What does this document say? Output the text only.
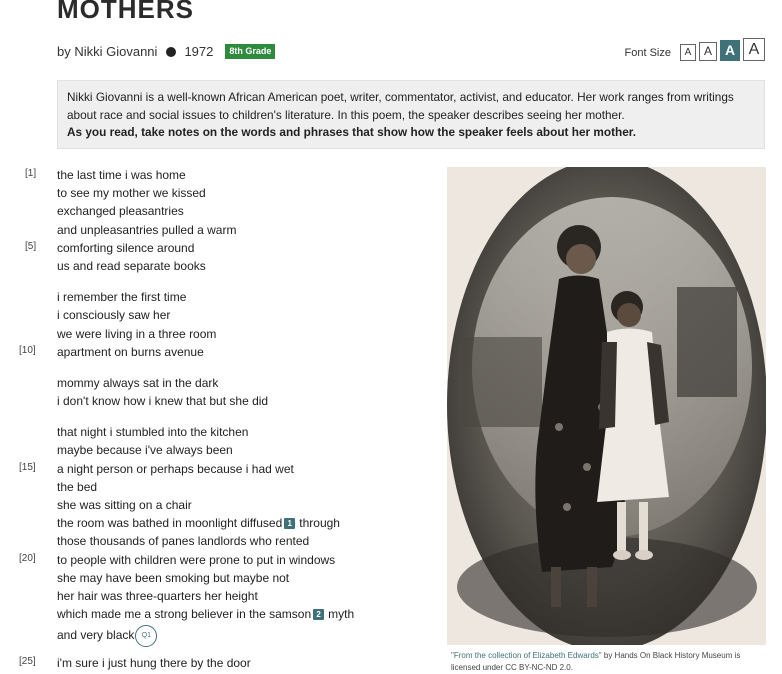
MOTHERS
by Nikki Giovanni 1972	8th Grade	Font Size	A	A A A
Nikki Giovanni is a well-known African American poet, writer, commentator, activist, and educator. Her work ranges from writings about race and social issues to children's literature. In this poem, the speaker describes seeing her mother.
As you read, take notes on the words and phrases that show how the speaker feels about her mother.
[1]
[5]
[10]
[15]
[20]
[25]
the last time i was home
to see my mother we kissed
exchanged pleasantries
and unpleasantries pulled a warm
comforting silence around
us and read separate books
i remember the first time
i consciously saw her
we were living in a three room
apartment on burns avenue
mommy always sat in the dark
i don't know how i knew that but she did
that night i stumbled into the kitchen
maybe because i've always been
a night person or perhaps because i had wet
the bed
she was sitting on a chair
the room was bathed in moonlight diffused 1 through
those thousands of panes landlords who rented
to people with children were prone to put in windows
she may have been smoking but maybe not
her hair was three-quarters her height
which made me a strong believer in the samson 2 myth
and very black Q1
i'm sure i just hung there by the door
"From the collection of Elizabeth Edwards" by Hands On Black History Museum is licensed under CC BY-NC-ND 2.0.
